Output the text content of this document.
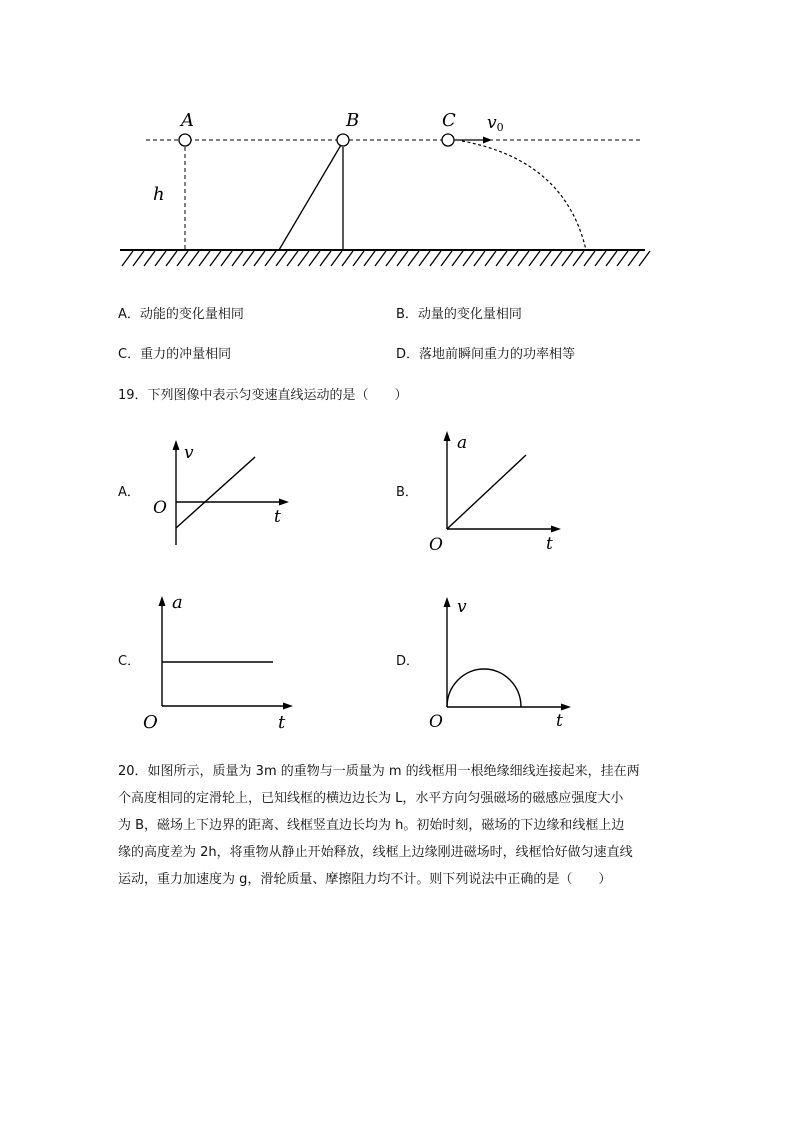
A	B	C
h
v0
A．动能的变化量相同	B．动量的变化量相同
C．重力的冲量相同	D．落地前瞬间重力的功率相等
19．下列图像中表示匀变速直线运动的是（　　）
A．	B．
C．	D．
v
O	t
a
O	t
a
O	t
v
O	t
20．如图所示，质量为 3m 的重物与一质量为 m 的线框用一根绝缘细线连接起来，挂在两
个高度相同的定滑轮上，已知线框的横边边长为 L，水平方向匀强磁场的磁感应强度大小
为 B，磁场上下边界的距离、线框竖直边长均为 h。初始时刻，磁场的下边缘和线框上边
缘的高度差为 2h，将重物从静止开始释放，线框上边缘刚进磁场时，线框恰好做匀速直线
运动，重力加速度为 g，滑轮质量、摩擦阻力均不计。则下列说法中正确的是（　　）
